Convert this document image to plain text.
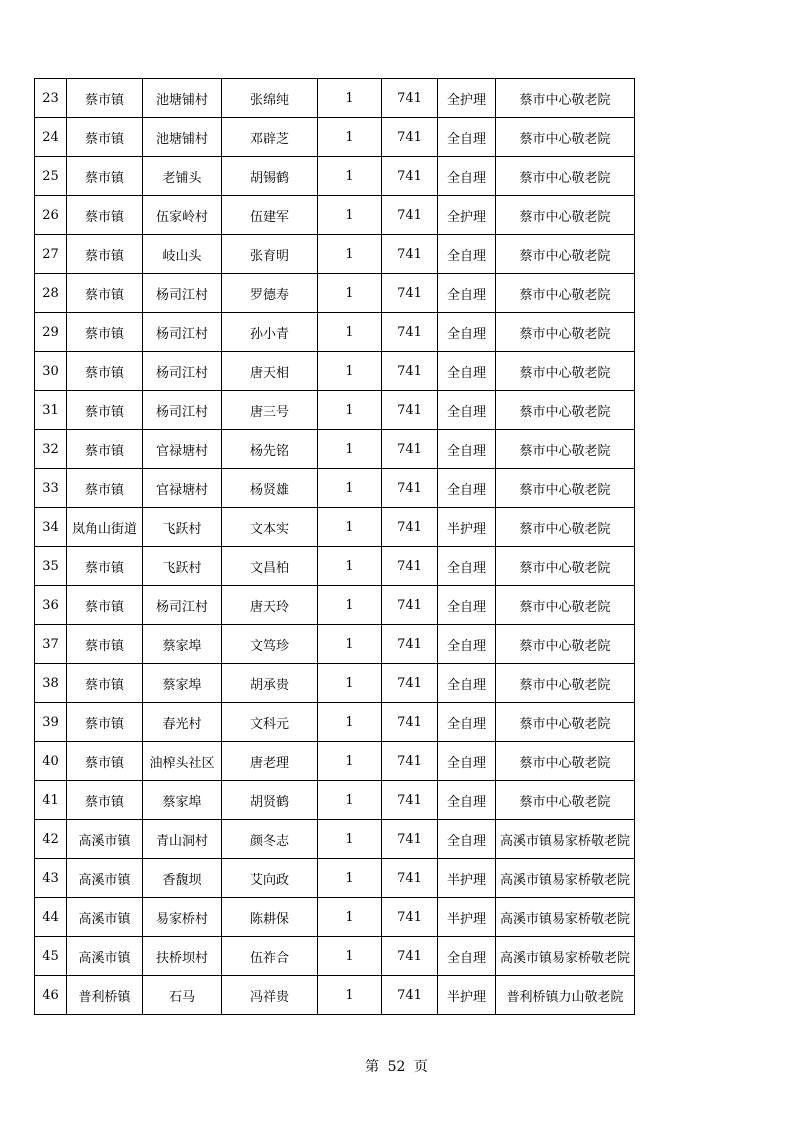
23	蔡市镇	池塘铺村	张绵纯	1	741	全护理	蔡市中心敬老院
24	蔡市镇	池塘铺村	邓辟芝	1	741	全自理	蔡市中心敬老院
25	蔡市镇	老铺头	胡锡鹤	1	741	全自理	蔡市中心敬老院
26	蔡市镇	伍家岭村	伍建军	1	741	全护理	蔡市中心敬老院
27	蔡市镇	岐山头	张育明	1	741	全自理	蔡市中心敬老院
28	蔡市镇	杨司江村	罗德寿	1	741	全自理	蔡市中心敬老院
29	蔡市镇	杨司江村	孙小青	1	741	全自理	蔡市中心敬老院
30	蔡市镇	杨司江村	唐天相	1	741	全自理	蔡市中心敬老院
31	蔡市镇	杨司江村	唐三号	1	741	全自理	蔡市中心敬老院
32	蔡市镇	官禄塘村	杨先铭	1	741	全自理	蔡市中心敬老院
33	蔡市镇	官禄塘村	杨贤雄	1	741	全自理	蔡市中心敬老院
34	岚角山街道	飞跃村	文本实	1	741	半护理	蔡市中心敬老院
35	蔡市镇	飞跃村	文昌柏	1	741	全自理	蔡市中心敬老院
36	蔡市镇	杨司江村	唐天玲	1	741	全自理	蔡市中心敬老院
37	蔡市镇	蔡家埠	文笃珍	1	741	全自理	蔡市中心敬老院
38	蔡市镇	蔡家埠	胡承贵	1	741	全自理	蔡市中心敬老院
39	蔡市镇	春光村	文科元	1	741	全自理	蔡市中心敬老院
40	蔡市镇	油榨头社区	唐老理	1	741	全自理	蔡市中心敬老院
41	蔡市镇	蔡家埠	胡贤鹤	1	741	全自理	蔡市中心敬老院
42	高溪市镇	青山洞村	颜冬志	1	741	全自理	高溪市镇易家桥敬老院
43	高溪市镇	香馥坝	艾向政	1	741	半护理	高溪市镇易家桥敬老院
44	高溪市镇	易家桥村	陈耕保	1	741	半护理	高溪市镇易家桥敬老院
45	高溪市镇	扶桥坝村	伍祚合	1	741	全自理	高溪市镇易家桥敬老院
46	普利桥镇	石马	冯祥贵	1	741	半护理	普利桥镇力山敬老院
第 52 页
